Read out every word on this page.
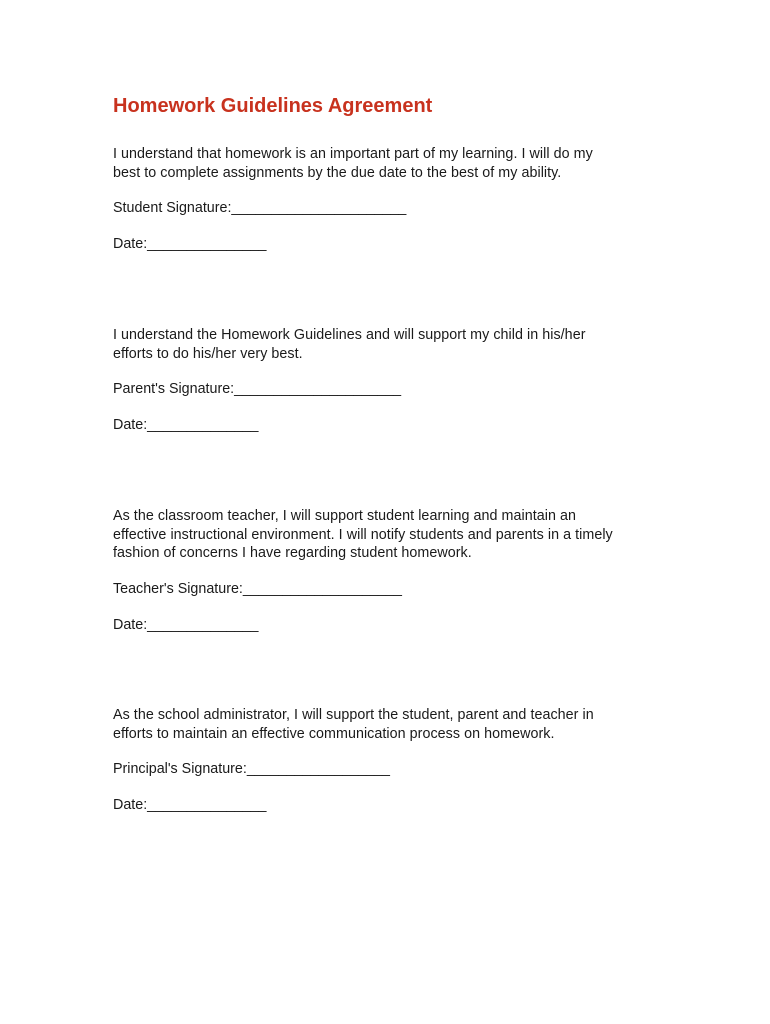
Homework Guidelines Agreement
I understand that homework is an important part of my learning. I will do my
best to complete assignments by the due date to the best of my ability.

Student Signature:______________________

Date:_______________

I understand the Homework Guidelines and will support my child in his/her
efforts to do his/her very best.

Parent's Signature:_____________________

Date:______________

As the classroom teacher, I will support student learning and maintain an
effective instructional environment. I will notify students and parents in a timely
fashion of concerns I have regarding student homework.

Teacher's Signature:____________________

Date:______________

As the school administrator, I will support the student, parent and teacher in
efforts to maintain an effective communication process on homework.

Principal's Signature:__________________

Date:_______________
